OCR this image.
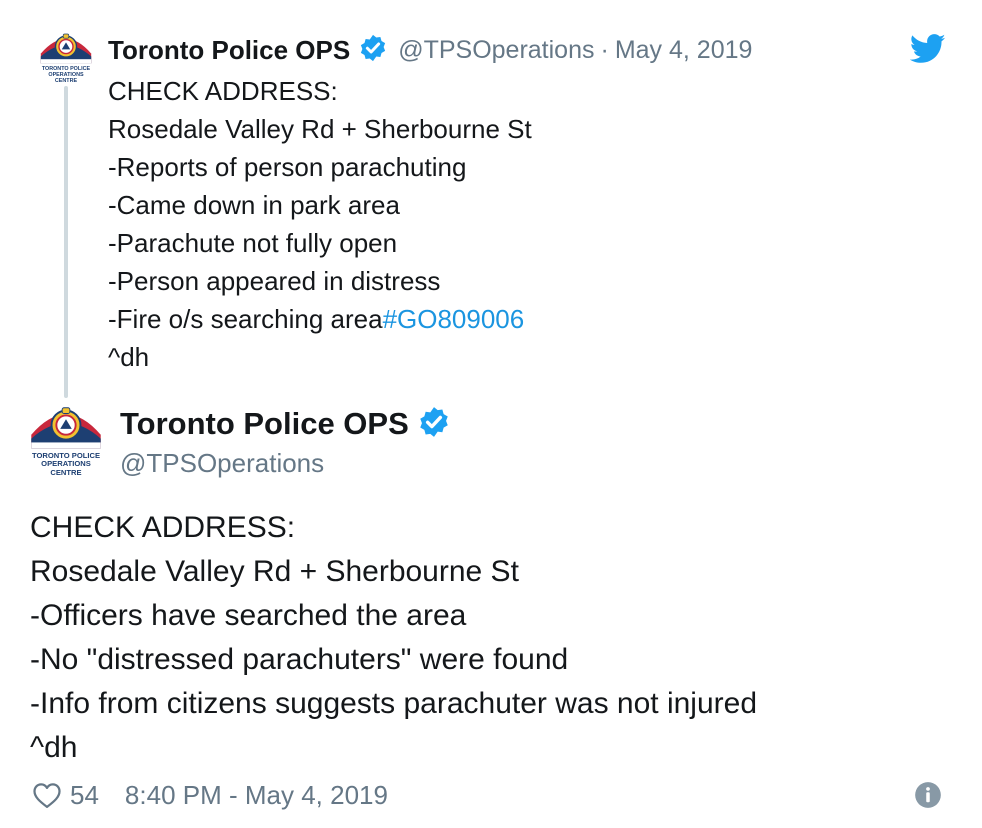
TORONTO POLICE
OPERATIONS
CENTRE
Toronto Police OPS @TPSOperations · May 4, 2019
CHECK ADDRESS:
Rosedale Valley Rd + Sherbourne St
-Reports of person parachuting
-Came down in park area
-Parachute not fully open
-Person appeared in distress
-Fire o/s searching area#GO809006
^dh
TORONTO POLICE
OPERATIONS
CENTRE
Toronto Police OPS
@TPSOperations
CHECK ADDRESS:
Rosedale Valley Rd + Sherbourne St
-Officers have searched the area
-No "distressed parachuters" were found
-Info from citizens suggests parachuter was not injured
^dh
54 8:40 PM - May 4, 2019
